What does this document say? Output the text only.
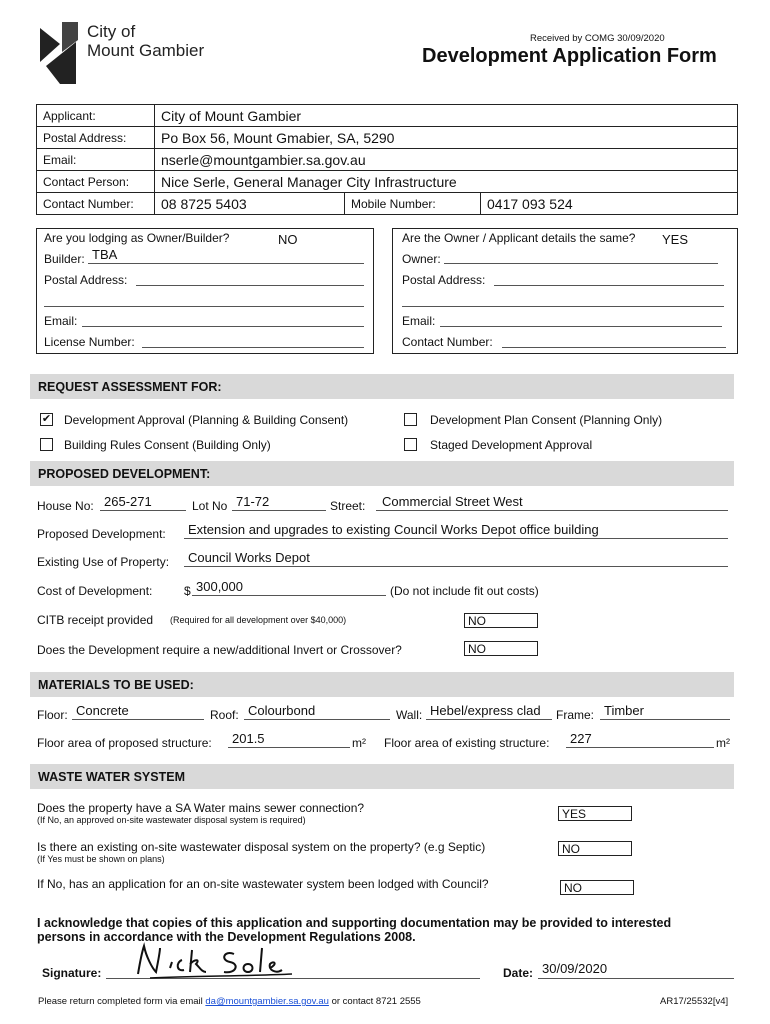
City of
Mount Gambier
Received by COMG 30/09/2020
Development Application Form
Applicant:	City of Mount Gambier		
Postal Address:	Po Box 56, Mount Gmabier, SA, 5290		
Email:	nserle@mountgambier.sa.gov.au		
Contact Person:	Nice Serle, General Manager City Infrastructure		
Contact Number:	08 8725 5403	Mobile Number:	0417 093 524
Are you lodging as Owner/Builder?	NO
Builder: TBA
Postal Address:
Email:
License Number:
Are the Owner / Applicant details the same? YES
Owner:
Postal Address:
Email:
Contact Number:
REQUEST ASSESSMENT FOR:
✔ Development Approval (Planning & Building Consent)	Development Plan Consent (Planning Only)
Building Rules Consent (Building Only)	Staged Development Approval
PROPOSED DEVELOPMENT:
House No: 265-271	Lot No 71-72	Street: Commercial Street West
Proposed Development: Extension and upgrades to existing Council Works Depot office building
Existing Use of Property: Council Works Depot
Cost of Development:	$ 300,000	(Do not include fit out costs)
CITB receipt provided (Required for all development over $40,000)	NO
Does the Development require a new/additional Invert or Crossover?	NO
MATERIALS TO BE USED:
Floor: Concrete	Roof: Colourbond	Wall: Hebel/express clad Frame: Timber
Floor area of proposed structure: 201.5	m² Floor area of existing structure: 227	m²
WASTE WATER SYSTEM
Does the property have a SA Water mains sewer connection?
(If No, an approved on-site wastewater disposal system is required)	YES
Is there an existing on-site wastewater disposal system on the property? (e.g Septic)
(If Yes must be shown on plans)
NO
If No, has an application for an on-site wastewater system been lodged with Council?	NO
I acknowledge that copies of this application and supporting documentation may be provided to interested
persons in accordance with the Development Regulations 2008.
Signature:	Date: 30/09/2020
Please return completed form via email da@mountgambier.sa.gov.au or contact 8721 2555	AR17/25532[v4]
